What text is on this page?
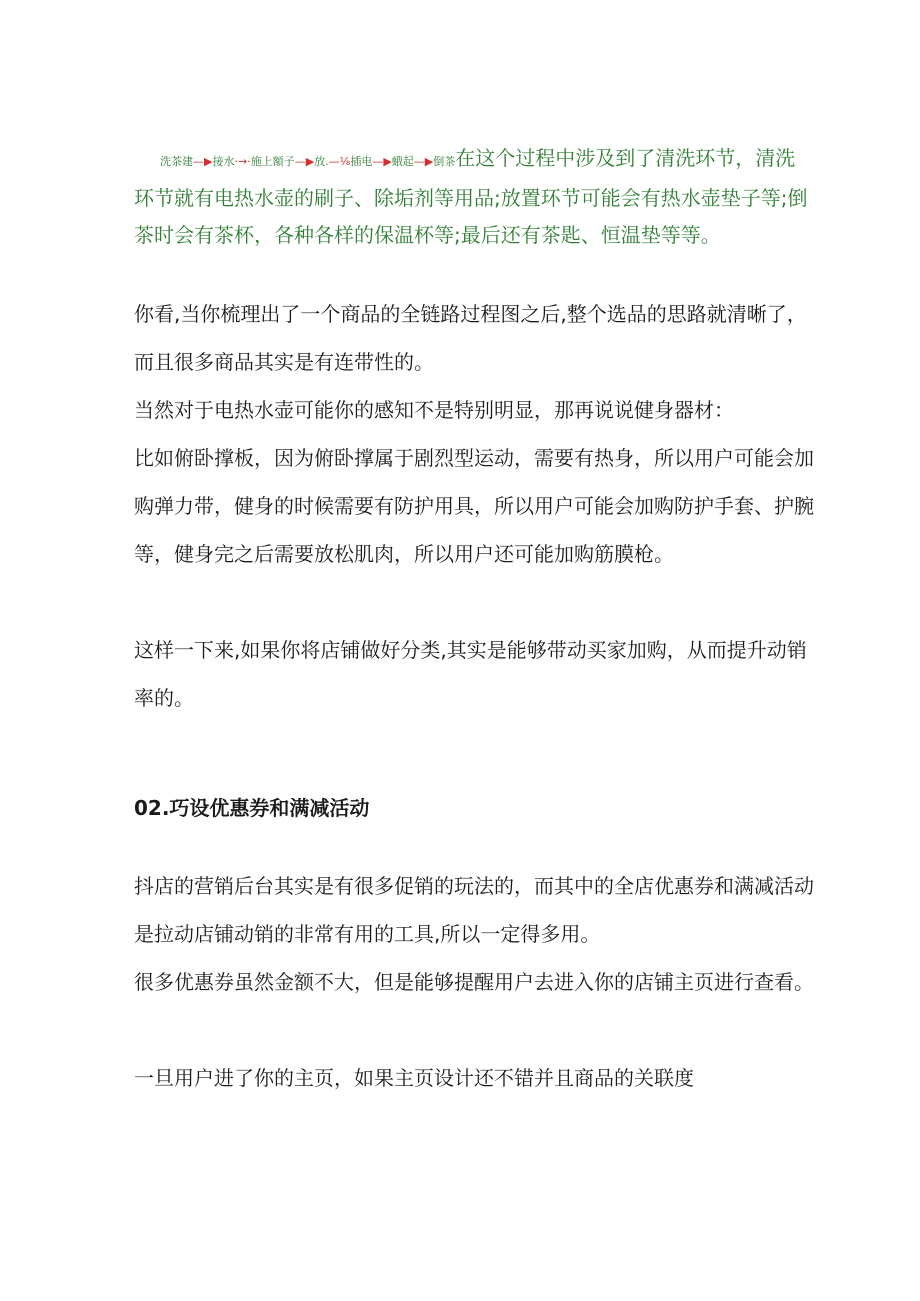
洗茶建—▶接水·→·施上額子—▶放.—⅛插电—▶蛾起—▶倒茶在这个过程中涉及到了清洗环节，清洗环节就有电热水壶的刷子、除垢剂等用品;放置环节可能会有热水壶垫子等;倒茶时会有茶杯，各种各样的保温杯等;最后还有茶匙、恒温垫等等。

你看,当你梳理出了一个商品的全链路过程图之后,整个选品的思路就清晰了，而且很多商品其实是有连带性的。

当然对于电热水壶可能你的感知不是特别明显，那再说说健身器材：

比如俯卧撑板，因为俯卧撑属于剧烈型运动，需要有热身，所以用户可能会加购弹力带，健身的时候需要有防护用具，所以用户可能会加购防护手套、护腕等，健身完之后需要放松肌肉，所以用户还可能加购筋膜枪。

这样一下来,如果你将店铺做好分类,其实是能够带动买家加购，从而提升动销率的。

02.巧设优惠券和满减活动

抖店的营销后台其实是有很多促销的玩法的，而其中的全店优惠券和满减活动是拉动店铺动销的非常有用的工具,所以一定得多用。

很多优惠券虽然金额不大，但是能够提醒用户去进入你的店铺主页进行查看。

一旦用户进了你的主页，如果主页设计还不错并且商品的关联度
